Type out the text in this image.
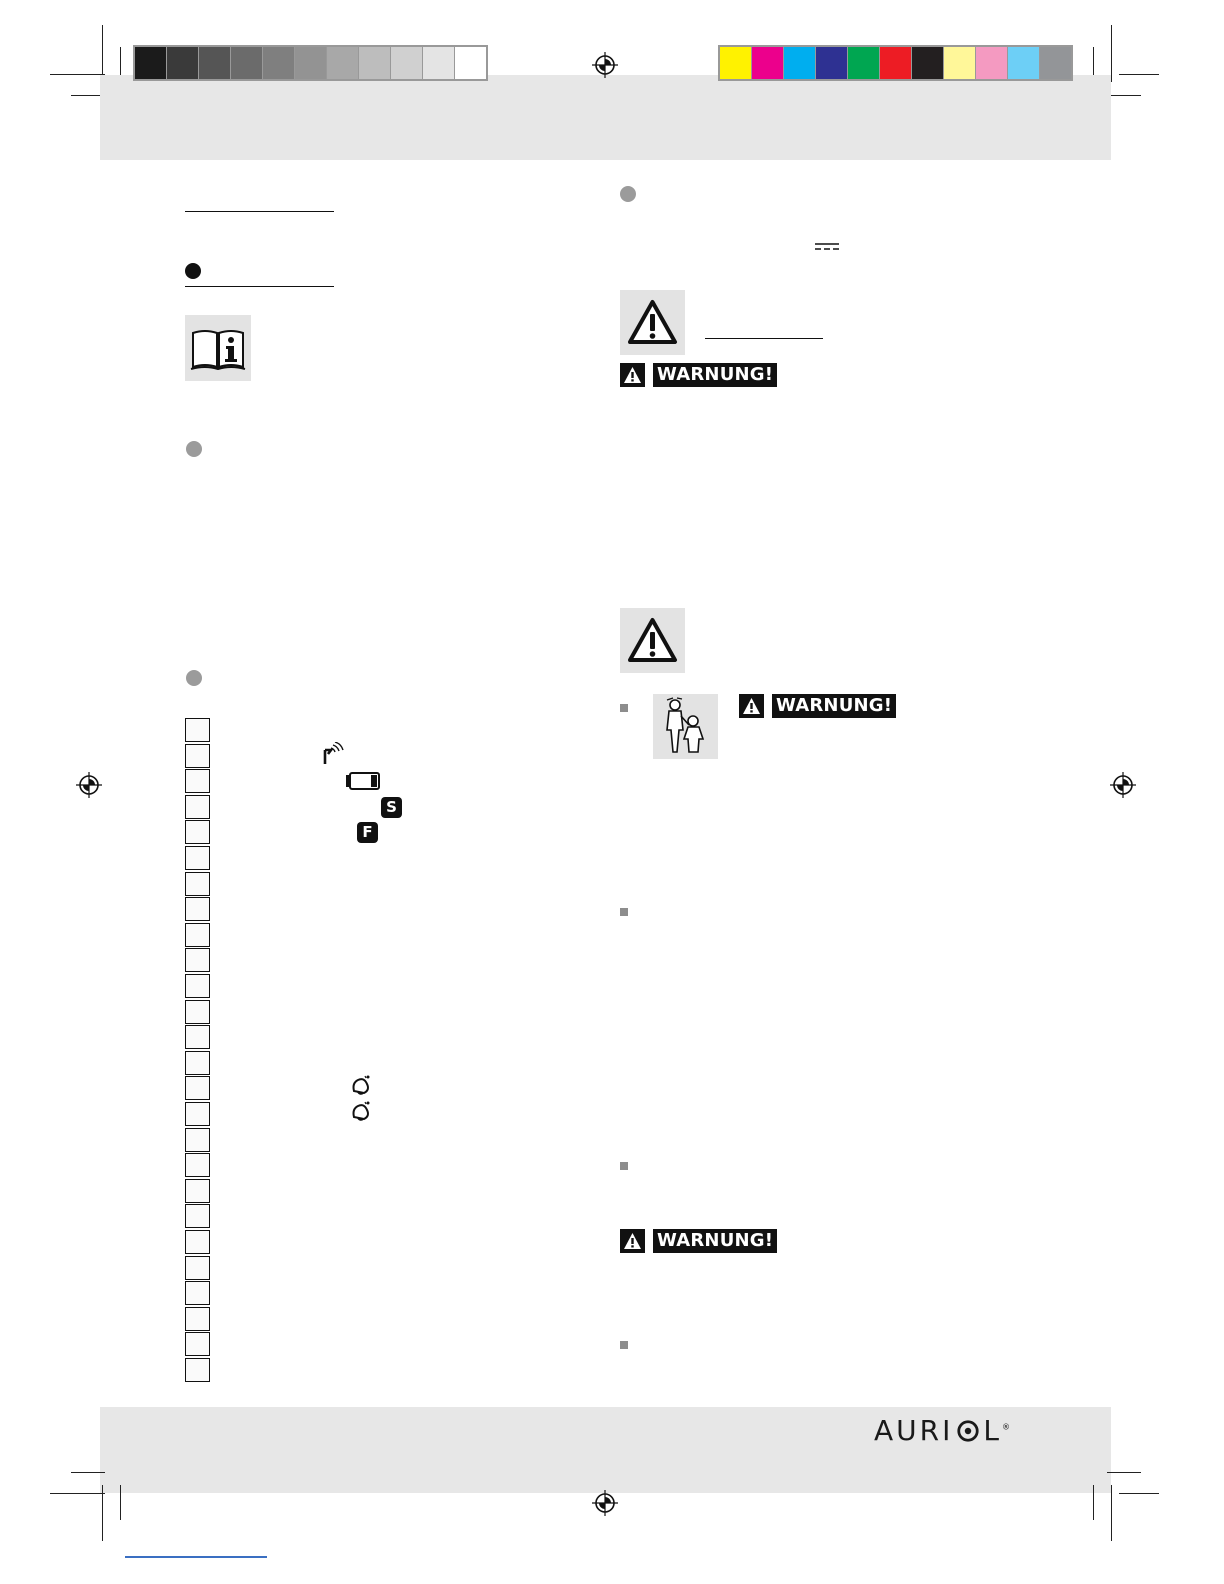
S
F
WARNUNG!
WARNUNG!
WARNUNG!
AURI L®
